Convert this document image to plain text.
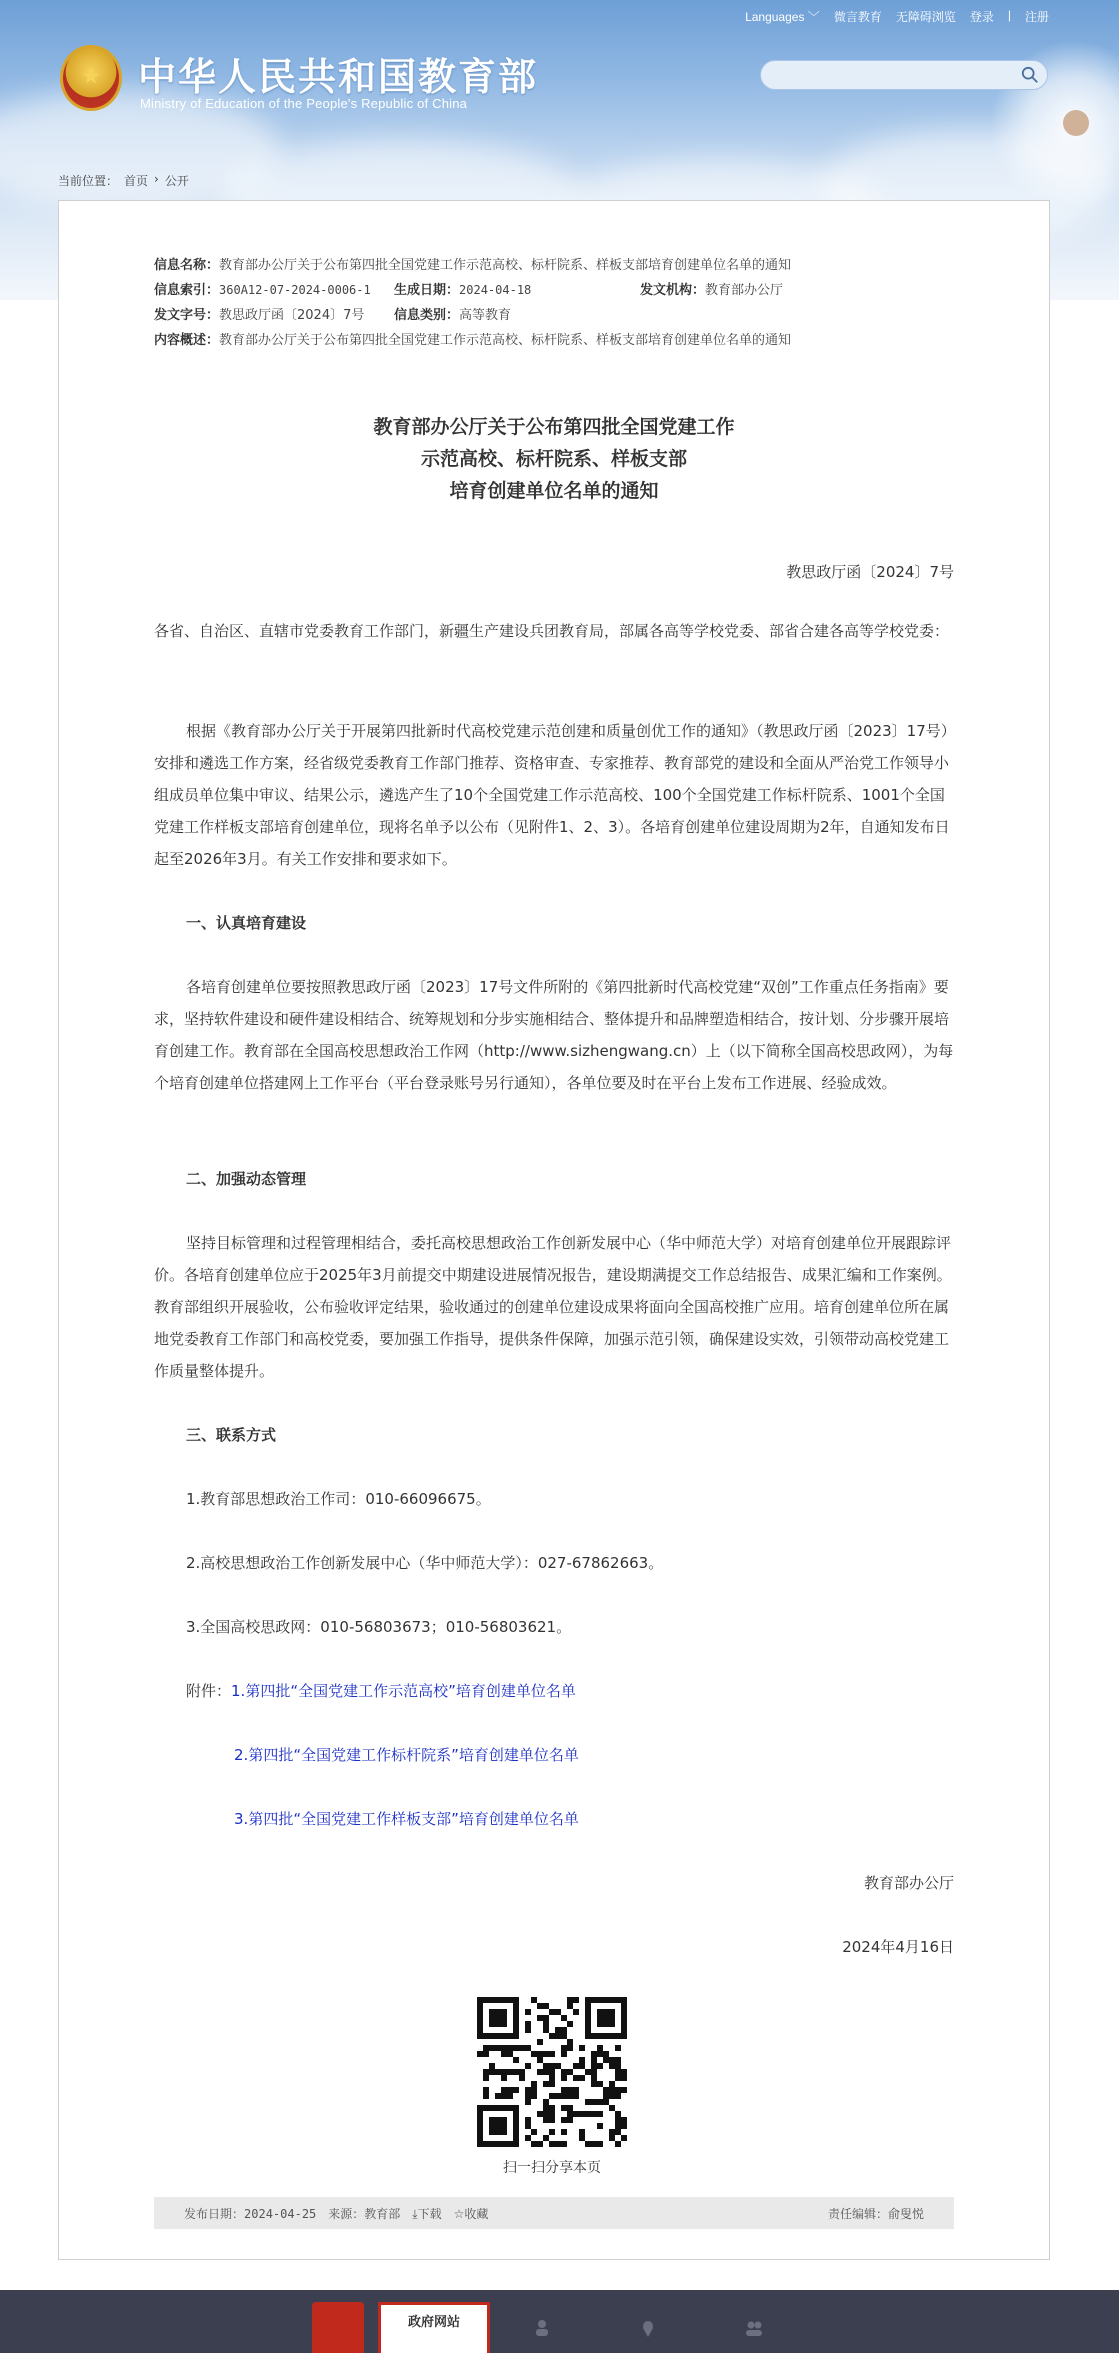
Languages ﹀ 微言教育 无障碍浏览 登录 | 注册
★ 中华人民共和国教育部
Ministry of Education of the People's Republic of China
当前位置： 首页 › 公开
信息名称： 教育部办公厅关于公布第四批全国党建工作示范高校、标杆院系、样板支部培育创建单位名单的通知
信息索引： 360A12-07-2024-0006-1 生成日期： 2024-04-18	发文机构： 教育部办公厅
发文字号： 教思政厅函〔2024〕7号 信息类别： 高等教育
内容概述： 教育部办公厅关于公布第四批全国党建工作示范高校、标杆院系、样板支部培育创建单位名单的通知
教育部办公厅关于公布第四批全国党建工作
示范高校、标杆院系、样板支部
培育创建单位名单的通知
教思政厅函〔2024〕7号
各省、自治区、直辖市党委教育工作部门，新疆生产建设兵团教育局，部属各高等学校党委、部省合建各高等学校党委：
根据《教育部办公厅关于开展第四批新时代高校党建示范创建和质量创优工作的通知》（教思政厅函〔2023〕17号）安排和遴选工作方案，经省级党委教育工作部门推荐、资格审查、专家推荐、教育部党的建设和全面从严治党工作领导小组成员单位集中审议、结果公示，遴选产生了10个全国党建工作示范高校、100个全国党建工作标杆院系、1001个全国党建工作样板支部培育创建单位，现将名单予以公布（见附件1、2、3）。各培育创建单位建设周期为2年，自通知发布日起至2026年3月。有关工作安排和要求如下。
一、认真培育建设
各培育创建单位要按照教思政厅函〔2023〕17号文件所附的《第四批新时代高校党建“双创”工作重点任务指南》要求，坚持软件建设和硬件建设相结合、统筹规划和分步实施相结合、整体提升和品牌塑造相结合，按计划、分步骤开展培育创建工作。教育部在全国高校思想政治工作网（http://www.sizhengwang.cn）上（以下简称全国高校思政网），为每个培育创建单位搭建网上工作平台（平台登录账号另行通知），各单位要及时在平台上发布工作进展、经验成效。
二、加强动态管理
坚持目标管理和过程管理相结合，委托高校思想政治工作创新发展中心（华中师范大学）对培育创建单位开展跟踪评价。各培育创建单位应于2025年3月前提交中期建设进展情况报告，建设期满提交工作总结报告、成果汇编和工作案例。教育部组织开展验收，公布验收评定结果，验收通过的创建单位建设成果将面向全国高校推广应用。培育创建单位所在属地党委教育工作部门和高校党委，要加强工作指导，提供条件保障，加强示范引领，确保建设实效，引领带动高校党建工作质量整体提升。
三、联系方式
1.教育部思想政治工作司：010-66096675。
2.高校思想政治工作创新发展中心（华中师范大学）：027-67862663。
3.全国高校思政网：010-56803673；010-56803621。
附件：1.第四批“全国党建工作示范高校”培育创建单位名单
2.第四批“全国党建工作标杆院系”培育创建单位名单
3.第四批“全国党建工作样板支部”培育创建单位名单
教育部办公厅
2024年4月16日
扫一扫分享本页
发布日期：2024-04-25 来源：教育部 ⤓下载 ☆收藏	责任编辑：俞叟悦
政府网站
